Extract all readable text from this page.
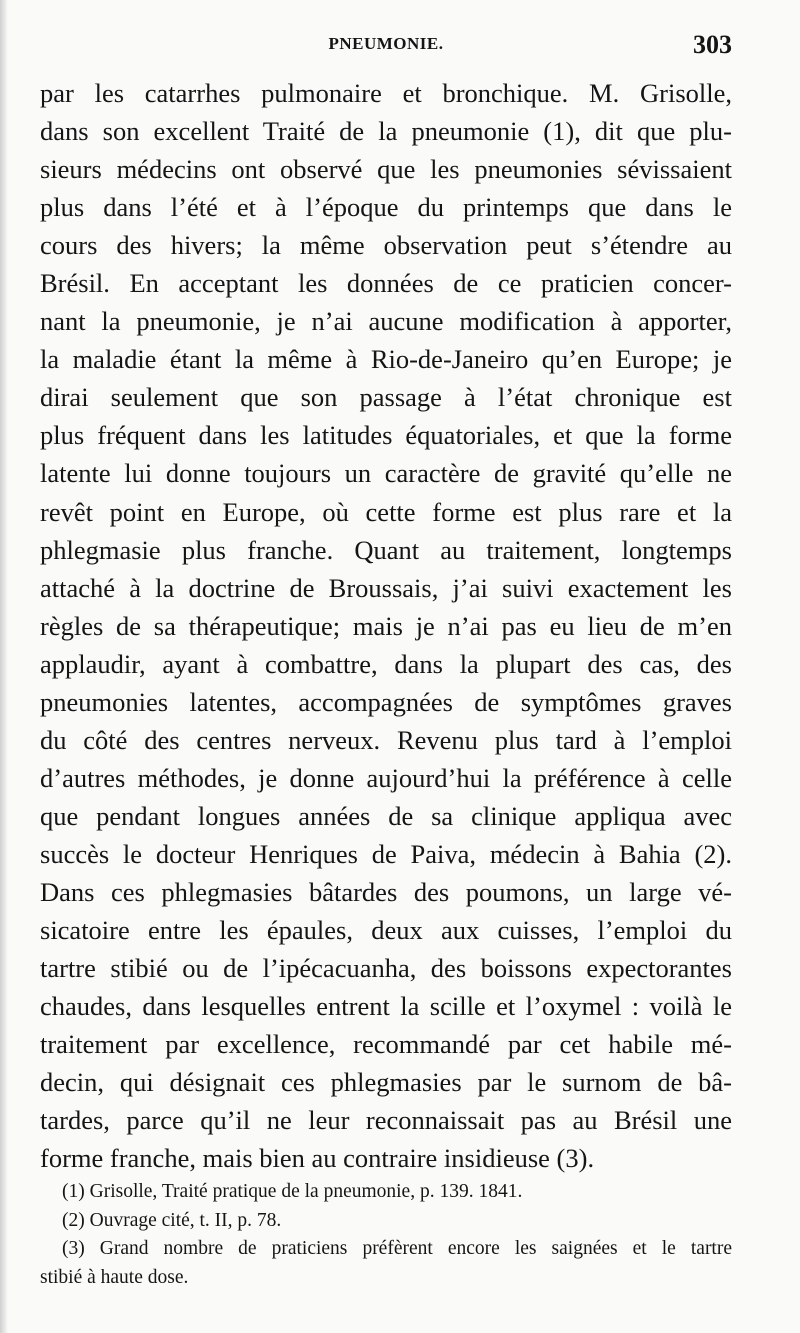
PNEUMONIE.	303
par les catarrhes pulmonaire et bronchique. M. Grisolle,
dans son excellent Traité de la pneumonie (1), dit que plu-
sieurs médecins ont observé que les pneumonies sévissaient
plus dans l’été et à l’époque du printemps que dans le
cours des hivers; la même observation peut s’étendre au
Brésil. En acceptant les données de ce praticien concer-
nant la pneumonie, je n’ai aucune modification à apporter,
la maladie étant la même à Rio-de-Janeiro qu’en Europe; je
dirai seulement que son passage à l’état chronique est
plus fréquent dans les latitudes équatoriales, et que la forme
latente lui donne toujours un caractère de gravité qu’elle ne
revêt point en Europe, où cette forme est plus rare et la
phlegmasie plus franche. Quant au traitement, longtemps
attaché à la doctrine de Broussais, j’ai suivi exactement les
règles de sa thérapeutique; mais je n’ai pas eu lieu de m’en
applaudir, ayant à combattre, dans la plupart des cas, des
pneumonies latentes, accompagnées de symptômes graves
du côté des centres nerveux. Revenu plus tard à l’emploi
d’autres méthodes, je donne aujourd’hui la préférence à celle
que pendant longues années de sa clinique appliqua avec
succès le docteur Henriques de Paiva, médecin à Bahia (2).
Dans ces phlegmasies bâtardes des poumons, un large vé-
sicatoire entre les épaules, deux aux cuisses, l’emploi du
tartre stibié ou de l’ipécacuanha, des boissons expectorantes
chaudes, dans lesquelles entrent la scille et l’oxymel : voilà le
traitement par excellence, recommandé par cet habile mé-
decin, qui désignait ces phlegmasies par le surnom de bâ-
tardes, parce qu’il ne leur reconnaissait pas au Brésil une
forme franche, mais bien au contraire insidieuse (3).
(1) Grisolle, Traité pratique de la pneumonie, p. 139. 1841.
(2) Ouvrage cité, t. II, p. 78.
(3) Grand nombre de praticiens préfèrent encore les saignées et le tartre
stibié à haute dose.
